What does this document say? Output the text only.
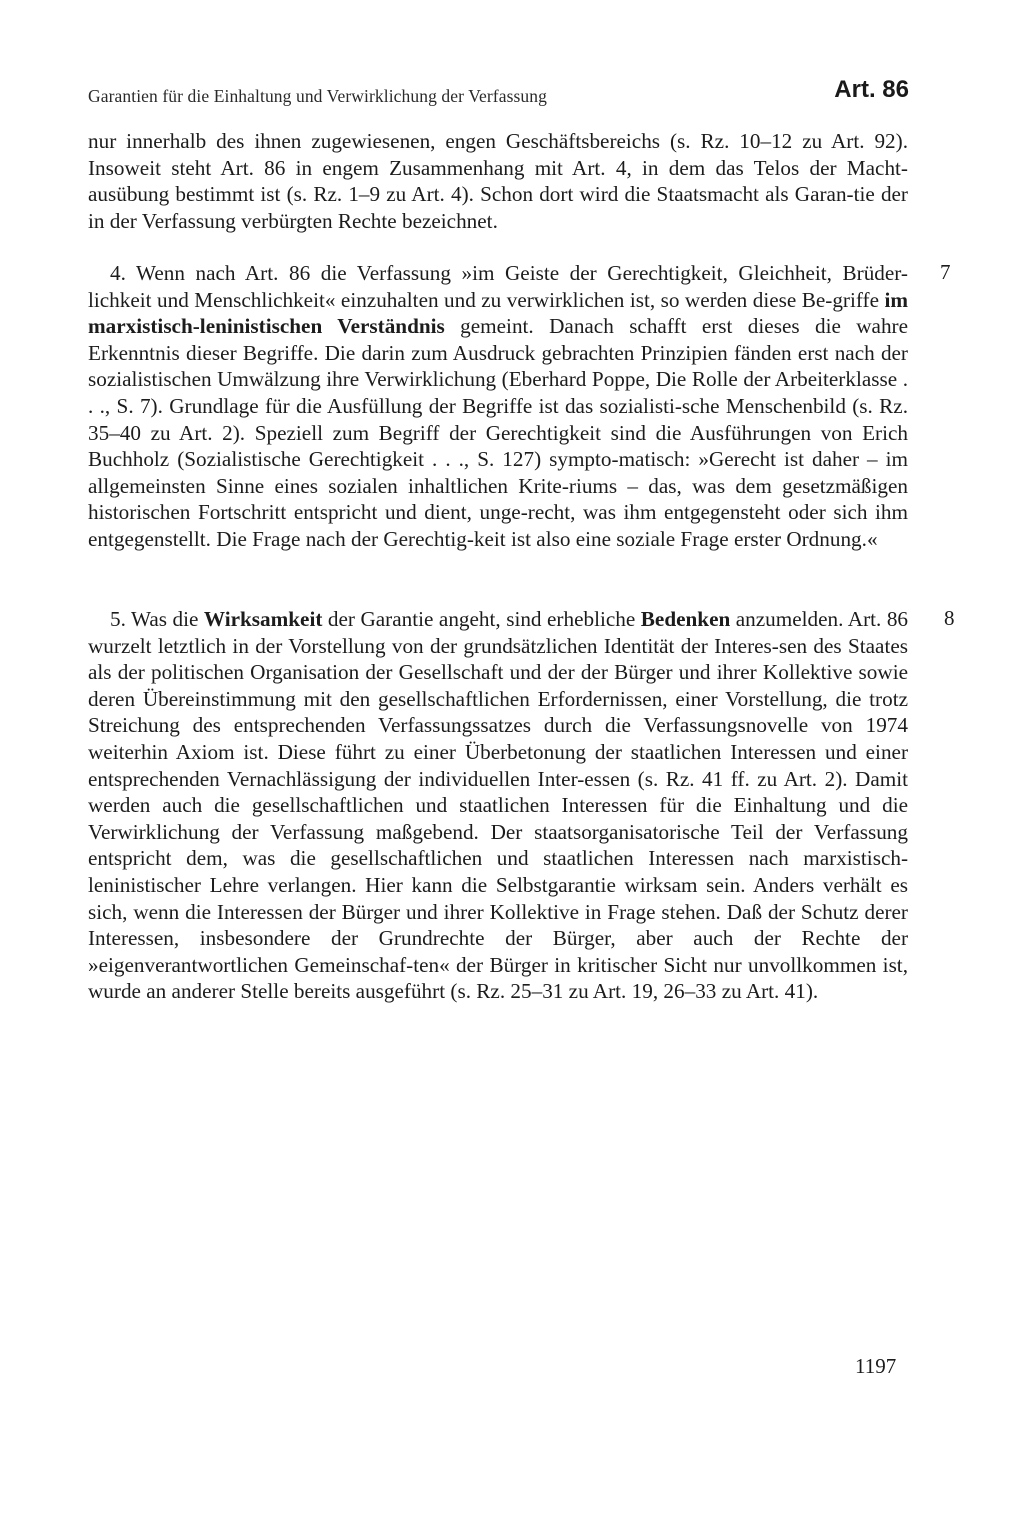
Garantien für die Einhaltung und Verwirklichung der Verfassung	Art. 86

nur innerhalb des ihnen zugewiesenen, engen Geschäftsbereichs (s. Rz. 10–12 zu Art. 92). Insoweit steht Art. 86 in engem Zusammenhang mit Art. 4, in dem das Telos der Macht-ausübung bestimmt ist (s. Rz. 1–9 zu Art. 4). Schon dort wird die Staatsmacht als Garan-tie der in der Verfassung verbürgten Rechte bezeichnet.

7

4. Wenn nach Art. 86 die Verfassung »im Geiste der Gerechtigkeit, Gleichheit, Brüder-lichkeit und Menschlichkeit« einzuhalten und zu verwirklichen ist, so werden diese Be-griffe im marxistisch-leninistischen Verständnis gemeint. Danach schafft erst dieses die wahre Erkenntnis dieser Begriffe. Die darin zum Ausdruck gebrachten Prinzipien fänden erst nach der sozialistischen Umwälzung ihre Verwirklichung (Eberhard Poppe, Die Rolle der Arbeiterklasse . . ., S. 7). Grundlage für die Ausfüllung der Begriffe ist das sozialisti-sche Menschenbild (s. Rz. 35–40 zu Art. 2). Speziell zum Begriff der Gerechtigkeit sind die Ausführungen von Erich Buchholz (Sozialistische Gerechtigkeit . . ., S. 127) sympto-matisch: »Gerecht ist daher – im allgemeinsten Sinne eines sozialen inhaltlichen Krite-riums – das, was dem gesetzmäßigen historischen Fortschritt entspricht und dient, unge-recht, was ihm entgegensteht oder sich ihm entgegenstellt. Die Frage nach der Gerechtig-keit ist also eine soziale Frage erster Ordnung.«

8

5. Was die Wirksamkeit der Garantie angeht, sind erhebliche Bedenken anzumelden. Art. 86 wurzelt letztlich in der Vorstellung von der grundsätzlichen Identität der Interes-sen des Staates als der politischen Organisation der Gesellschaft und der der Bürger und ihrer Kollektive sowie deren Übereinstimmung mit den gesellschaftlichen Erfordernissen, einer Vorstellung, die trotz Streichung des entsprechenden Verfassungssatzes durch die Verfassungsnovelle von 1974 weiterhin Axiom ist. Diese führt zu einer Überbetonung der staatlichen Interessen und einer entsprechenden Vernachlässigung der individuellen Inter-essen (s. Rz. 41 ff. zu Art. 2). Damit werden auch die gesellschaftlichen und staatlichen Interessen für die Einhaltung und die Verwirklichung der Verfassung maßgebend. Der staatsorganisatorische Teil der Verfassung entspricht dem, was die gesellschaftlichen und staatlichen Interessen nach marxistisch-leninistischer Lehre verlangen. Hier kann die Selbstgarantie wirksam sein. Anders verhält es sich, wenn die Interessen der Bürger und ihrer Kollektive in Frage stehen. Daß der Schutz derer Interessen, insbesondere der Grundrechte der Bürger, aber auch der Rechte der »eigenverantwortlichen Gemeinschaf-ten« der Bürger in kritischer Sicht nur unvollkommen ist, wurde an anderer Stelle bereits ausgeführt (s. Rz. 25–31 zu Art. 19, 26–33 zu Art. 41).

1197
